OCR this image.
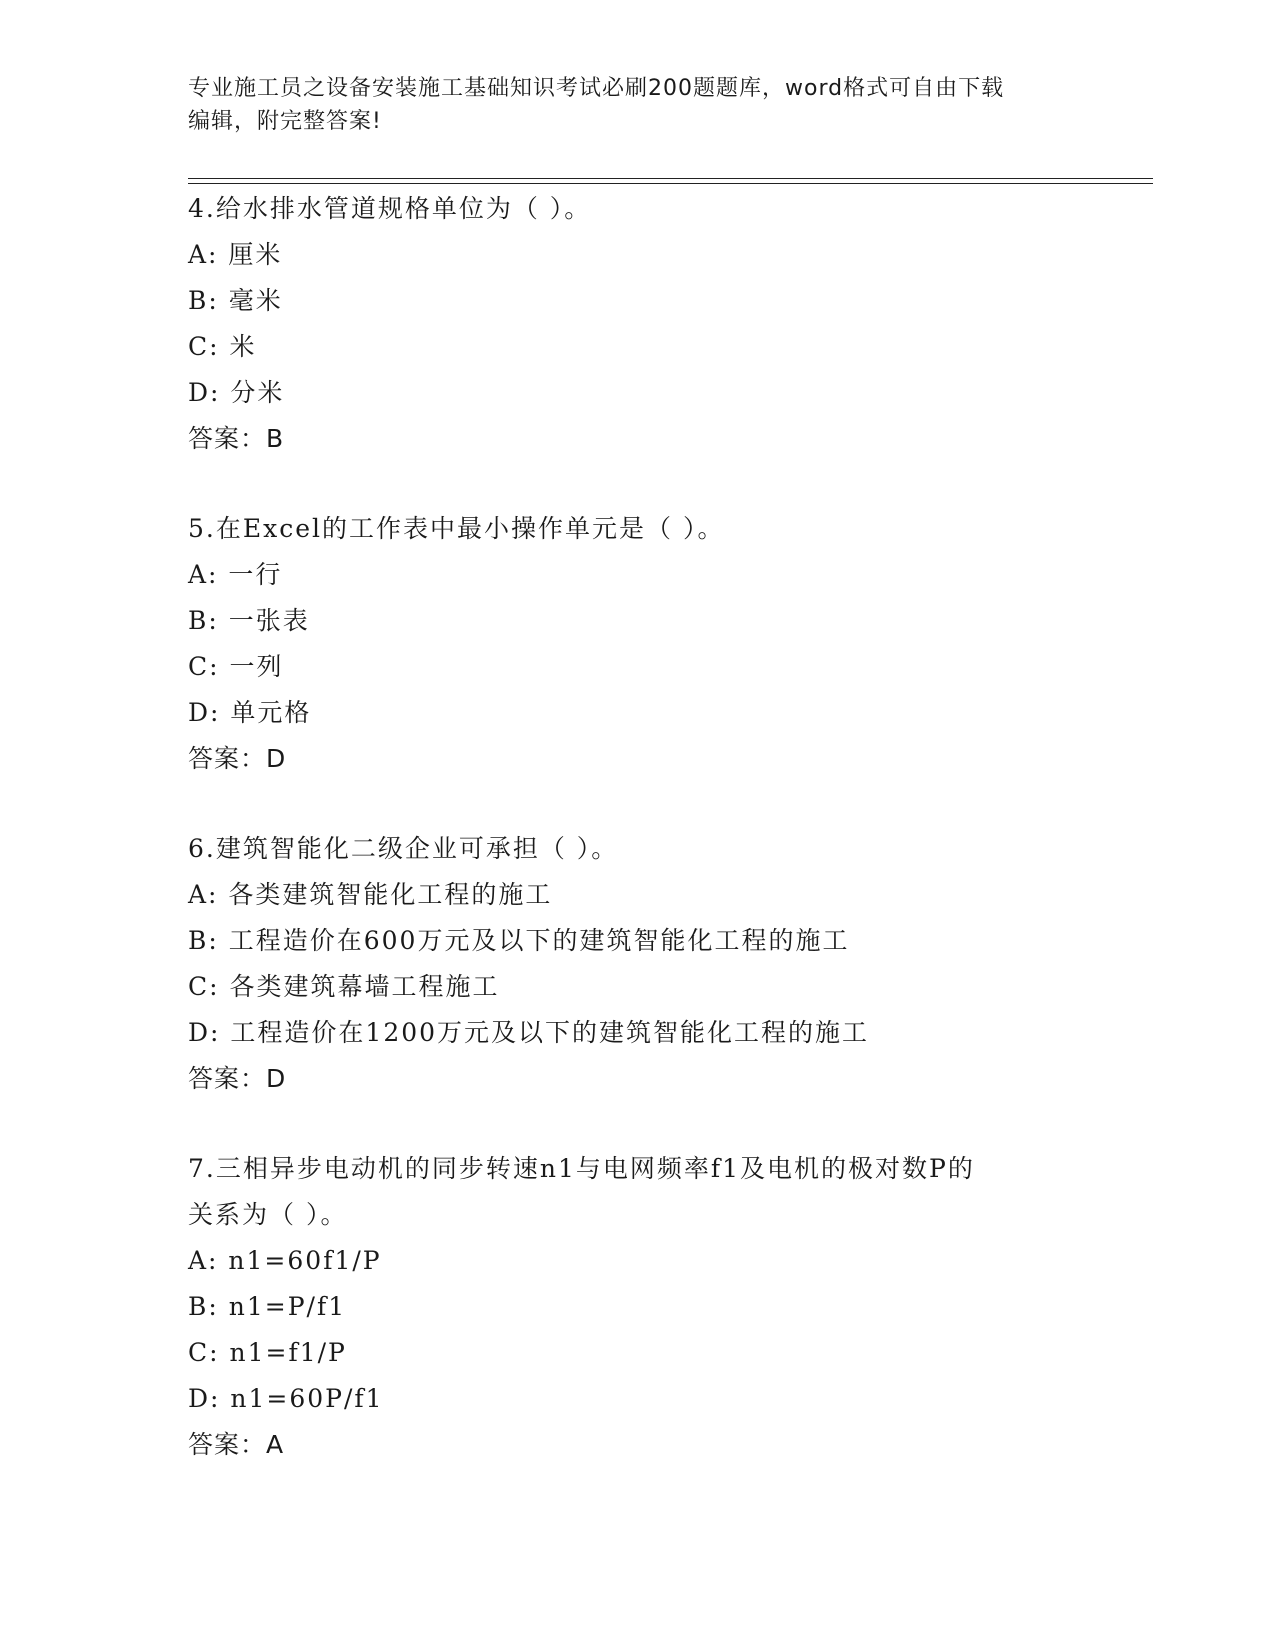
专业施工员之设备安装施工基础知识考试必刷200题题库，word格式可自由下载
编辑，附完整答案!
4.给水排水管道规格单位为（ ）。
A: 厘米
B: 毫米
C: 米
D: 分米
答案：B
5.在Excel的工作表中最小操作单元是（ ）。
A: 一行
B: 一张表
C: 一列
D: 单元格
答案：D
6.建筑智能化二级企业可承担（ ）。
A: 各类建筑智能化工程的施工
B: 工程造价在600万元及以下的建筑智能化工程的施工
C: 各类建筑幕墙工程施工
D: 工程造价在1200万元及以下的建筑智能化工程的施工
答案：D
7.三相异步电动机的同步转速n1与电网频率f1及电机的极对数P的
关系为（ ）。
A: n1=60f1/P
B: n1=P/f1
C: n1=f1/P
D: n1=60P/f1
答案：A
